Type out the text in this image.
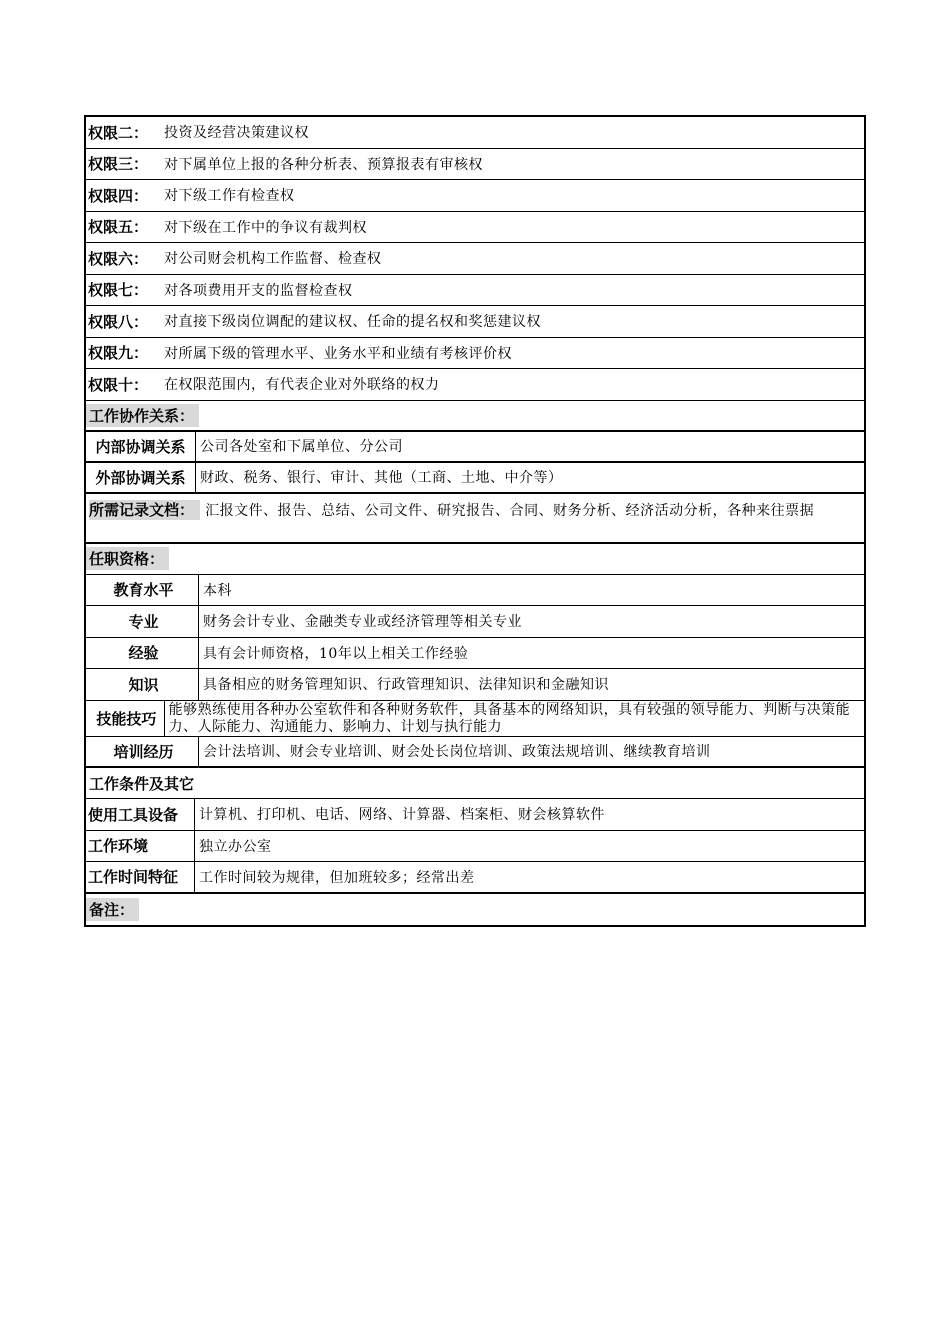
权限二：	投资及经营决策建议权
权限三：	对下属单位上报的各种分析表、预算报表有审核权
权限四：	对下级工作有检查权
权限五：	对下级在工作中的争议有裁判权
权限六：	对公司财会机构工作监督、检查权
权限七：	对各项费用开支的监督检查权
权限八：	对直接下级岗位调配的建议权、任命的提名权和奖惩建议权
权限九：	对所属下级的管理水平、业务水平和业绩有考核评价权
权限十：	在权限范围内，有代表企业对外联络的权力
工作协作关系：
内部协调关系	公司各处室和下属单位、分公司
外部协调关系	财政、税务、银行、审计、其他（工商、土地、中介等）
所需记录文档： 汇报文件、报告、总结、公司文件、研究报告、合同、财务分析、经济活动分析，各种来往票据
任职资格：
教育水平	本科
专业	财务会计专业、金融类专业或经济管理等相关专业
经验	具有会计师资格，10年以上相关工作经验
知识	具备相应的财务管理知识、行政管理知识、法律知识和金融知识
技能技巧 能够熟练使用各种办公室软件和各种财务软件，具备基本的网络知识，具有较强的领导能力、判断与决策能力、人际能力、沟通能力、影响力、计划与执行能力
培训经历	会计法培训、财会专业培训、财会处长岗位培训、政策法规培训、继续教育培训
工作条件及其它
使用工具设备	计算机、打印机、电话、网络、计算器、档案柜、财会核算软件
工作环境	独立办公室
工作时间特征	工作时间较为规律，但加班较多；经常出差
备注：
